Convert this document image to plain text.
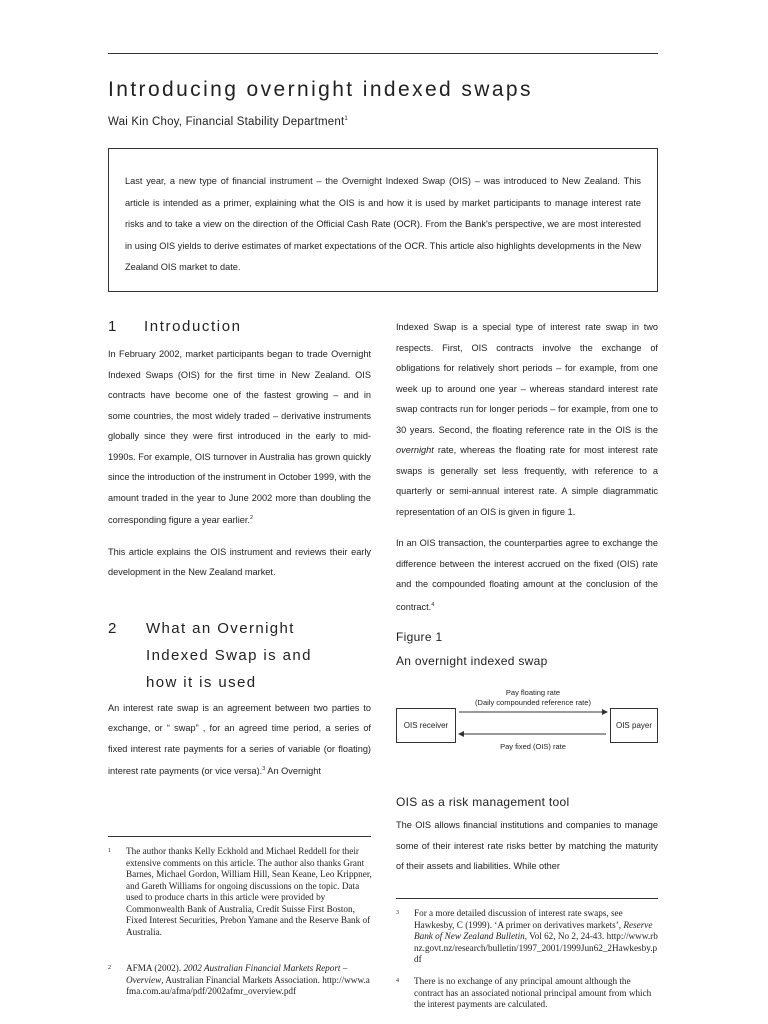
Introducing overnight indexed swaps
Wai Kin Choy, Financial Stability Department$^1$
Last year, a new type of financial instrument – the Overnight Indexed Swap (OIS) – was introduced to New Zealand. This article is intended as a primer, explaining what the OIS is and how it is used by market participants to manage interest rate risks and to take a view on the direction of the Official Cash Rate (OCR). From the Bank's perspective, we are most interested in using OIS yields to derive estimates of market expectations of the OCR. This article also highlights developments in the New Zealand OIS market to date.
1 Introduction

In February 2002, market participants began to trade Overnight Indexed Swaps (OIS) for the first time in New Zealand. OIS contracts have become one of the fastest growing – and in some countries, the most widely traded – derivative instruments globally since they were first introduced in the early to mid-1990s. For example, OIS turnover in Australia has grown quickly since the introduction of the instrument in October 1999, with the amount traded in the year to June 2002 more than doubling the corresponding figure a year earlier.$^2$

This article explains the OIS instrument and reviews their early development in the New Zealand market.

2 What an Overnight
Indexed Swap is and
how it is used

An interest rate swap is an agreement between two parties to exchange, or “ swap” , for an agreed time period, a series of fixed interest rate payments for a series of variable (or floating) interest rate payments (or vice versa).$^3$ An Overnight

1 The author thanks Kelly Eckhold and Michael Reddell for their extensive comments on this article. The author also thanks Grant Barnes, Michael Gordon, William Hill, Sean Keane, Leo Krippner, and Gareth Williams for ongoing discussions on the topic. Data used to produce charts in this article were provided by Commonwealth Bank of Australia, Credit Suisse First Boston, Fixed Interest Securities, Prebon Yamane and the Reserve Bank of Australia.
2 AFMA (2002). 2002 Australian Financial Markets Report – Overview, Australian Financial Markets Association. http://www.afma.com.au/afma/pdf/2002afmr_overview.pdf

Indexed Swap is a special type of interest rate swap in two respects. First, OIS contracts involve the exchange of obligations for relatively short periods – for example, from one week up to around one year – whereas standard interest rate swap contracts run for longer periods – for example, from one to 30 years. Second, the floating reference rate in the OIS is the overnight rate, whereas the floating rate for most interest rate swaps is generally set less frequently, with reference to a quarterly or semi-annual interest rate. A simple diagrammatic representation of an OIS is given in figure 1.

In an OIS transaction, the counterparties agree to exchange the difference between the interest accrued on the fixed (OIS) rate and the compounded floating amount at the conclusion of the contract.$^4$

Figure 1
An overnight indexed swap
OIS receiver	OIS payer
Pay floating rate
(Daily compounded reference rate)
Pay fixed (OIS) rate
OIS as a risk management tool

The OIS allows financial institutions and companies to manage some of their interest rate risks better by matching the maturity of their assets and liabilities. While other

3 For a more detailed discussion of interest rate swaps, see Hawkesby, C (1999). ‘A primer on derivatives markets’, Reserve Bank of New Zealand Bulletin, Vol 62, No 2, 24-43. http://www.rbnz.govt.nz/research/bulletin/1997_2001/1999Jun62_2Hawkesby.pdf
4 There is no exchange of any principal amount although the contract has an associated notional principal amount from which the interest payments are calculated.
